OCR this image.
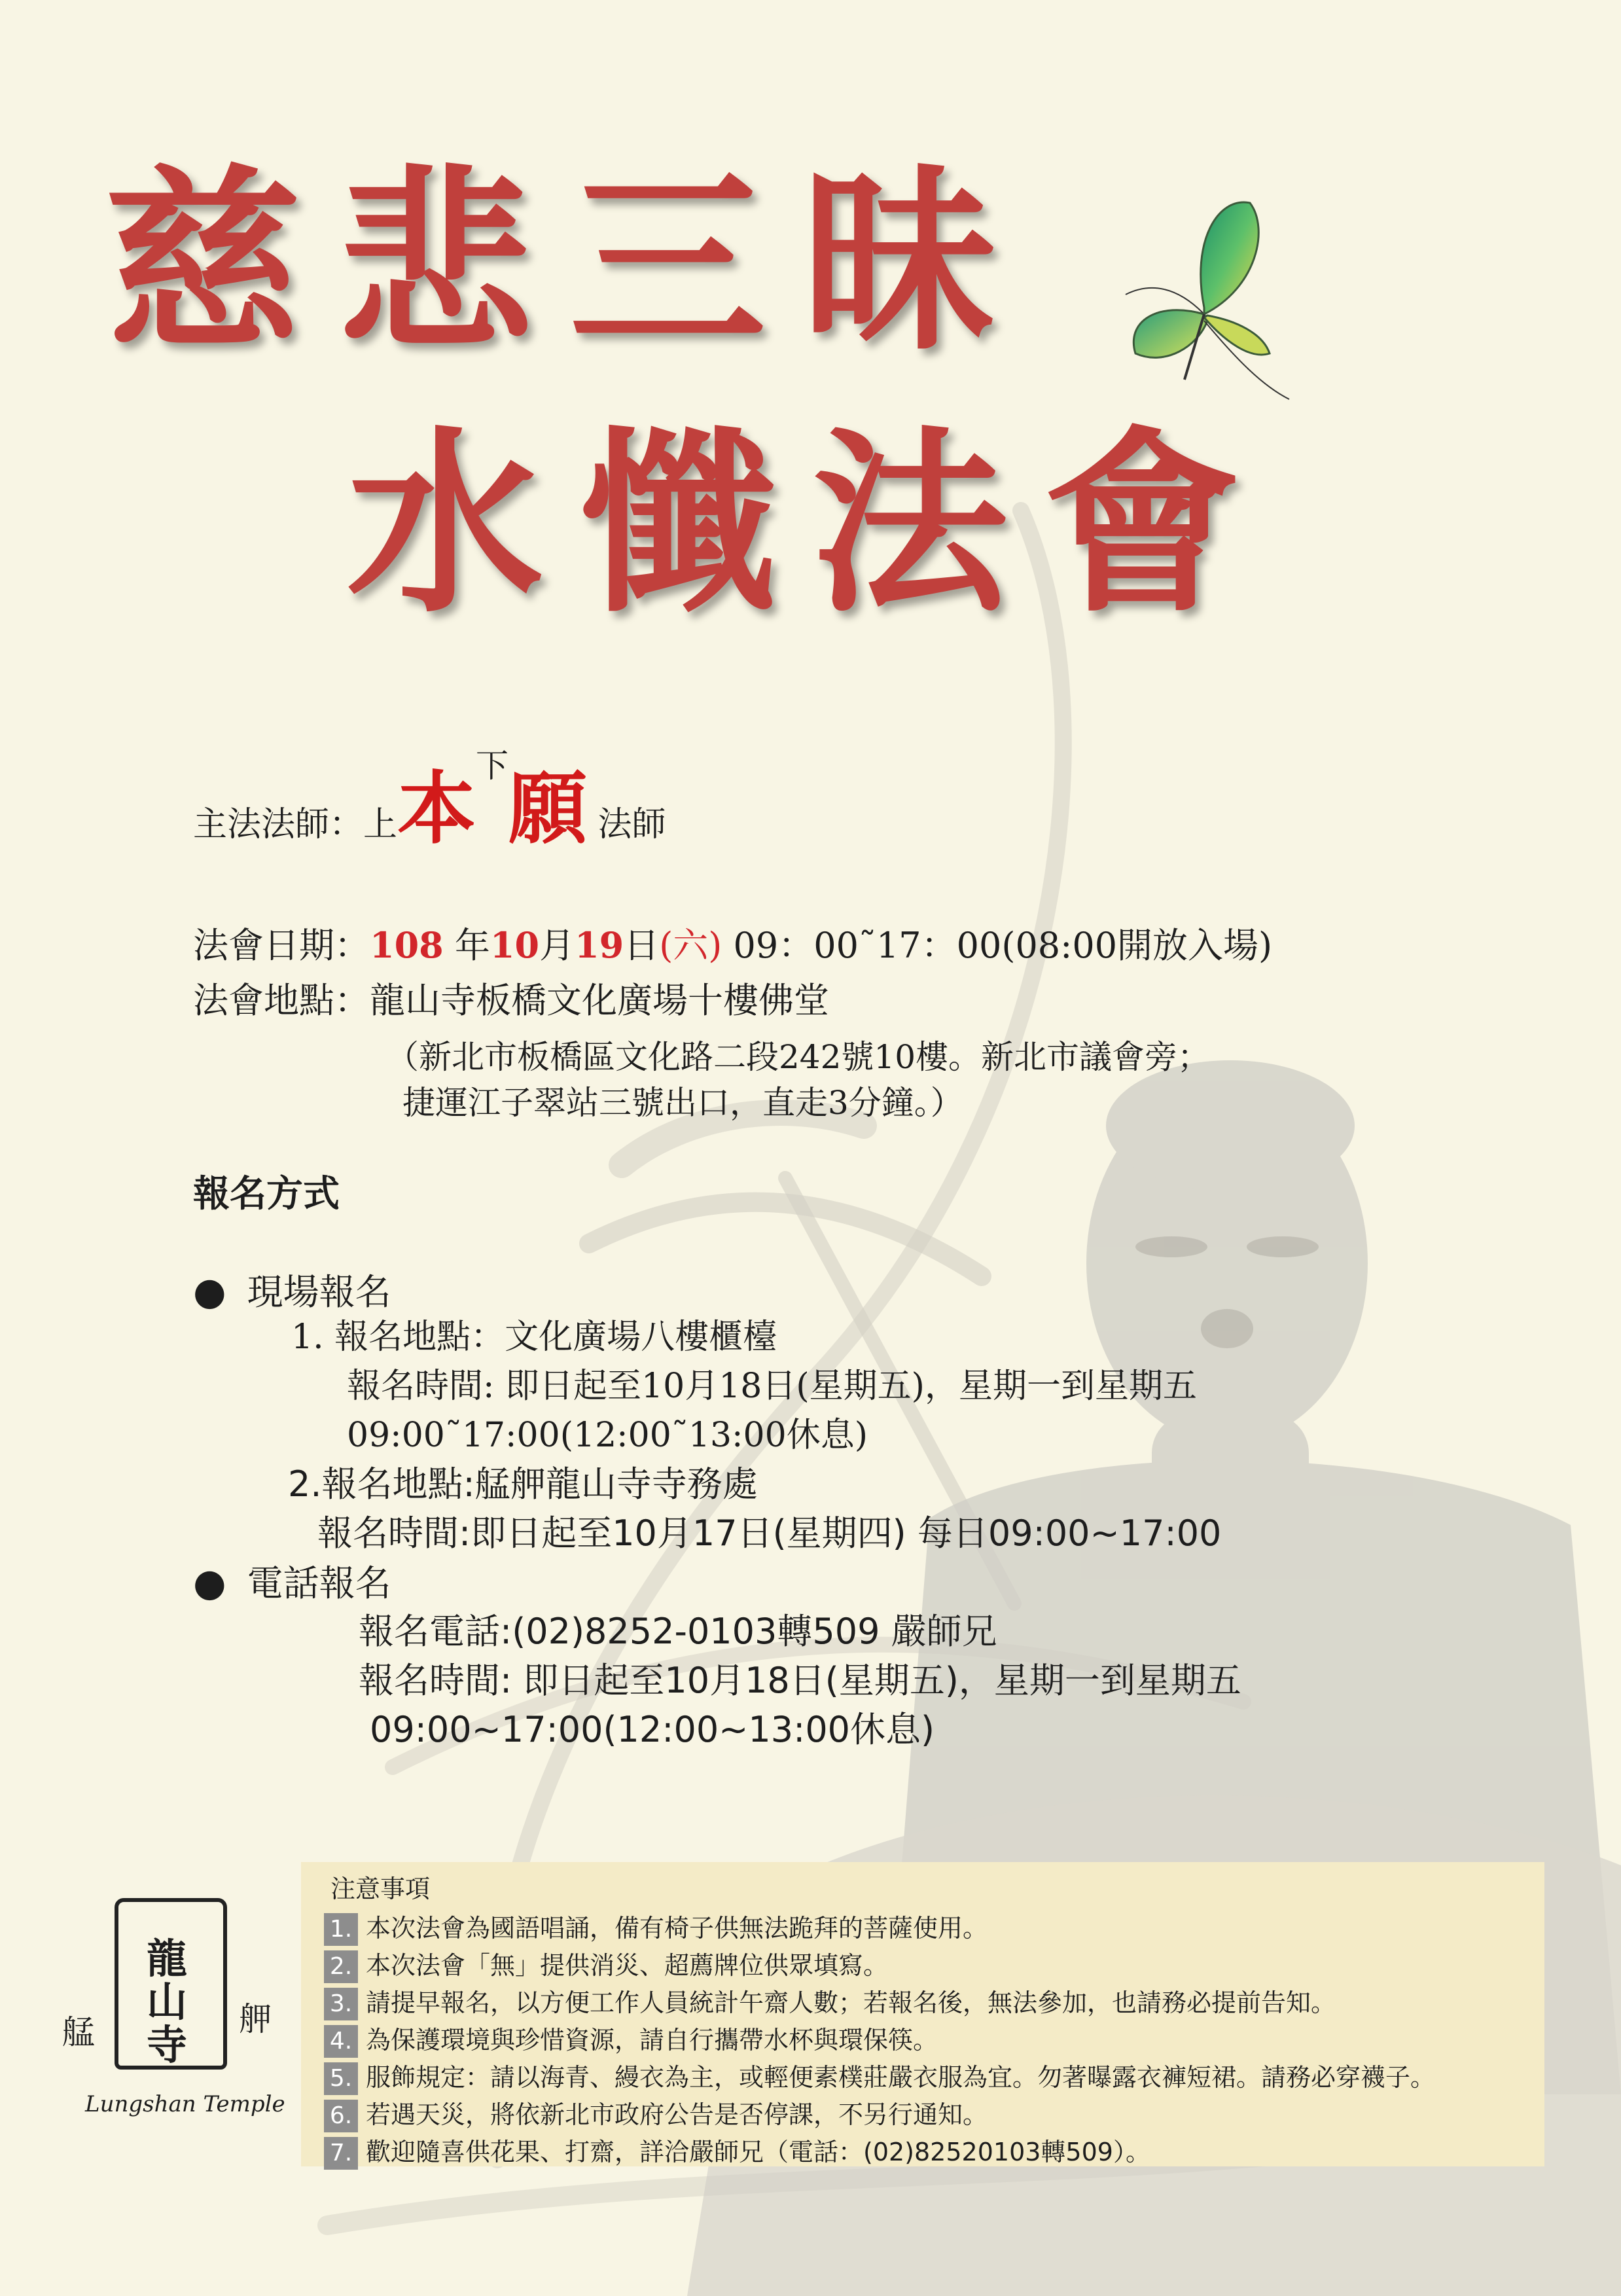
慈悲三昧
水懺法會
主法法師：上本下願 法師
法會日期：108 年10月19日(六) 09：00˜17：00(08:00開放入場)
法會地點：龍山寺板橋文化廣場十樓佛堂
（新北市板橋區文化路二段242號10樓。新北市議會旁；
捷運江子翠站三號出口，直走3分鐘。）
報名方式
● 現場報名
1. 報名地點：文化廣場八樓櫃檯
報名時間: 即日起至10月18日(星期五)，星期一到星期五
09:00˜17:00(12:00˜13:00休息)
2.報名地點:艋舺龍山寺寺務處
報名時間:即日起至10月17日(星期四) 每日09:00~17:00
● 電話報名
報名電話:(02)8252-0103轉509 嚴師兄
報名時間: 即日起至10月18日(星期五)，星期一到星期五
09:00~17:00(12:00~13:00休息)
注意事項
1. 本次法會為國語唱誦，備有椅子供無法跪拜的菩薩使用。
2. 本次法會「無」提供消災、超薦牌位供眾填寫。
3. 請提早報名，以方便工作人員統計午齋人數；若報名後，無法參加，也請務必提前告知。
4. 為保護環境與珍惜資源，請自行攜帶水杯與環保筷。
5. 服飾規定：請以海青、縵衣為主，或輕便素樸莊嚴衣服為宜。勿著曝露衣褲短裙。請務必穿襪子。
6. 若遇天災，將依新北市政府公告是否停課，不另行通知。
7. 歡迎隨喜供花果、打齋，詳洽嚴師兄（電話：(02)82520103轉509）。
龍山寺
艋	舺
Lungshan Temple
